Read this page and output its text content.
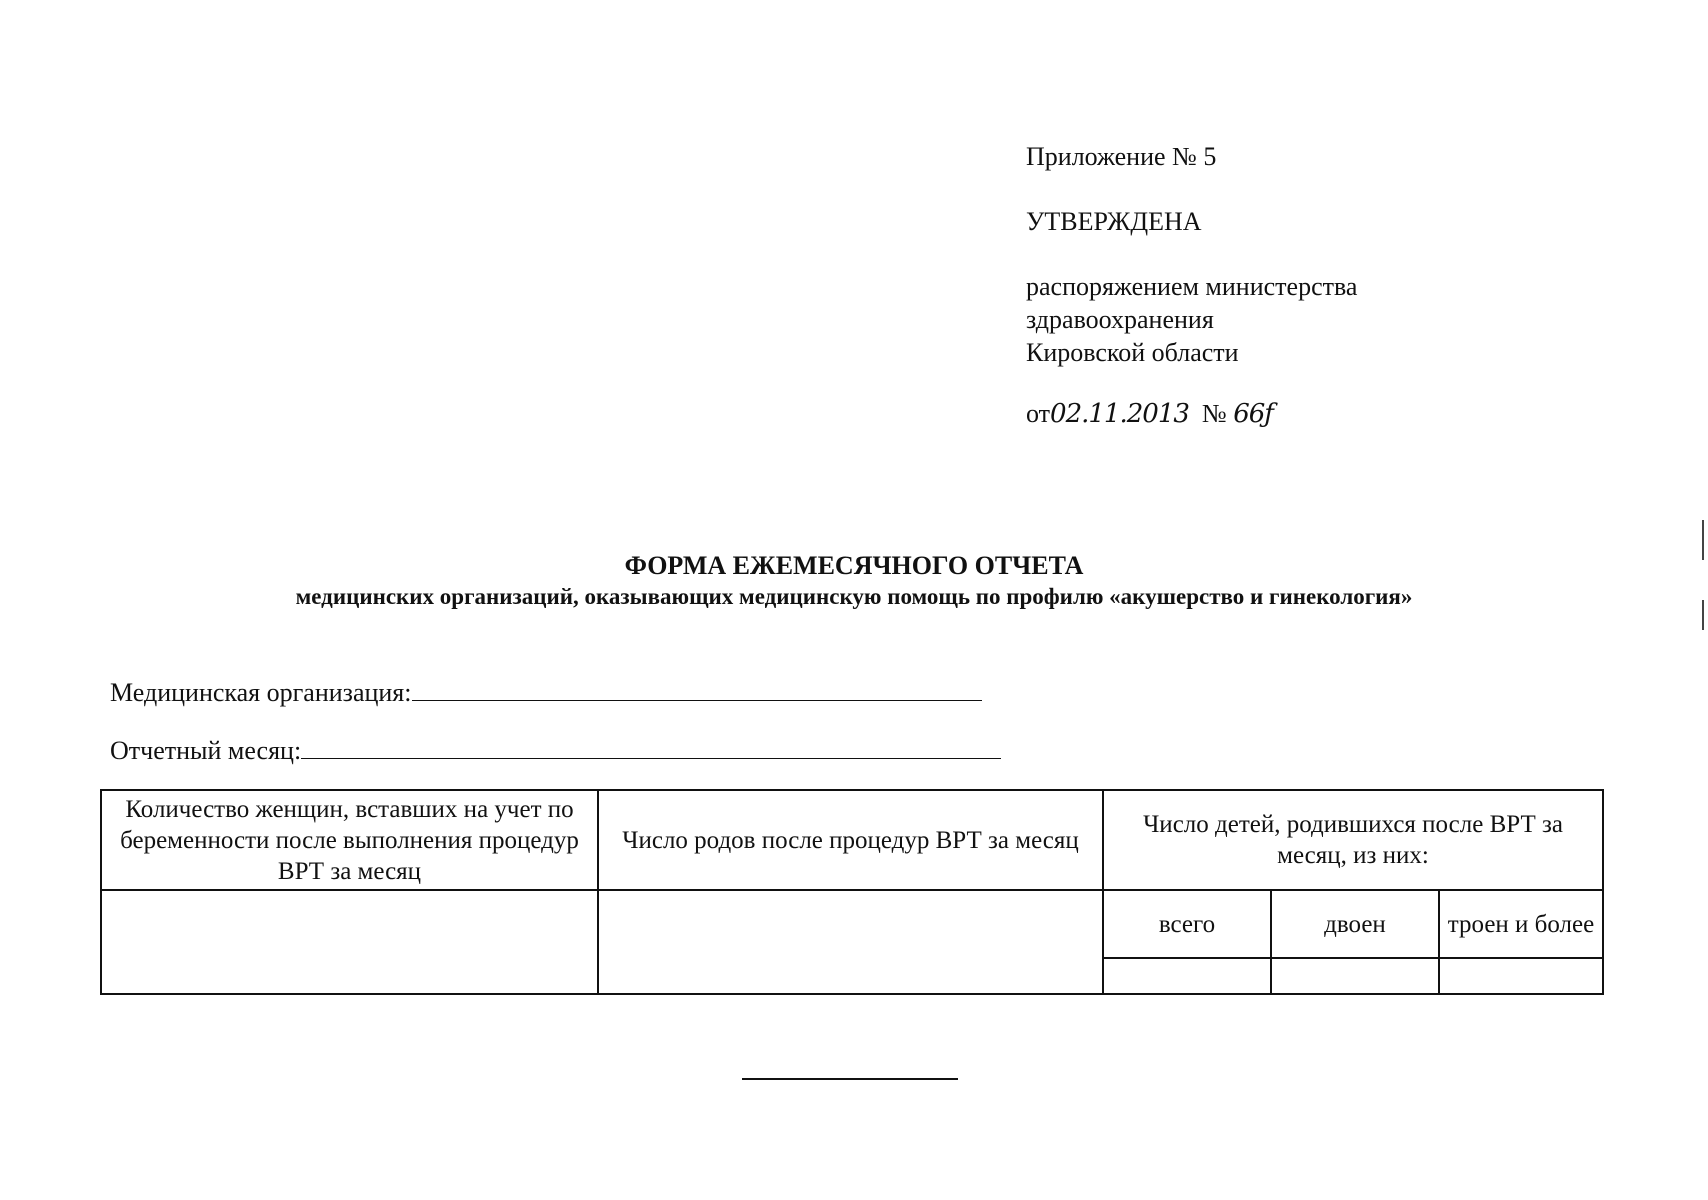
Приложение № 5
УТВЕРЖДЕНА
распоряжением министерства
здравоохранения
Кировской области
от02.11.2013 № 66ƒ
ФОРМА ЕЖЕМЕСЯЧНОГО ОТЧЕТА
медицинских организаций, оказывающих медицинскую помощь по профилю «акушерство и гинекология»
Медицинская организация:
Отчетный месяц:
Количество женщин, вставших на учет по беременности после выполнения процедур ВРТ за месяц	Число родов после процедур ВРТ за месяц	Число детей, родившихся после ВРТ за месяц, из них:		
		всего	двоен	троен и более
